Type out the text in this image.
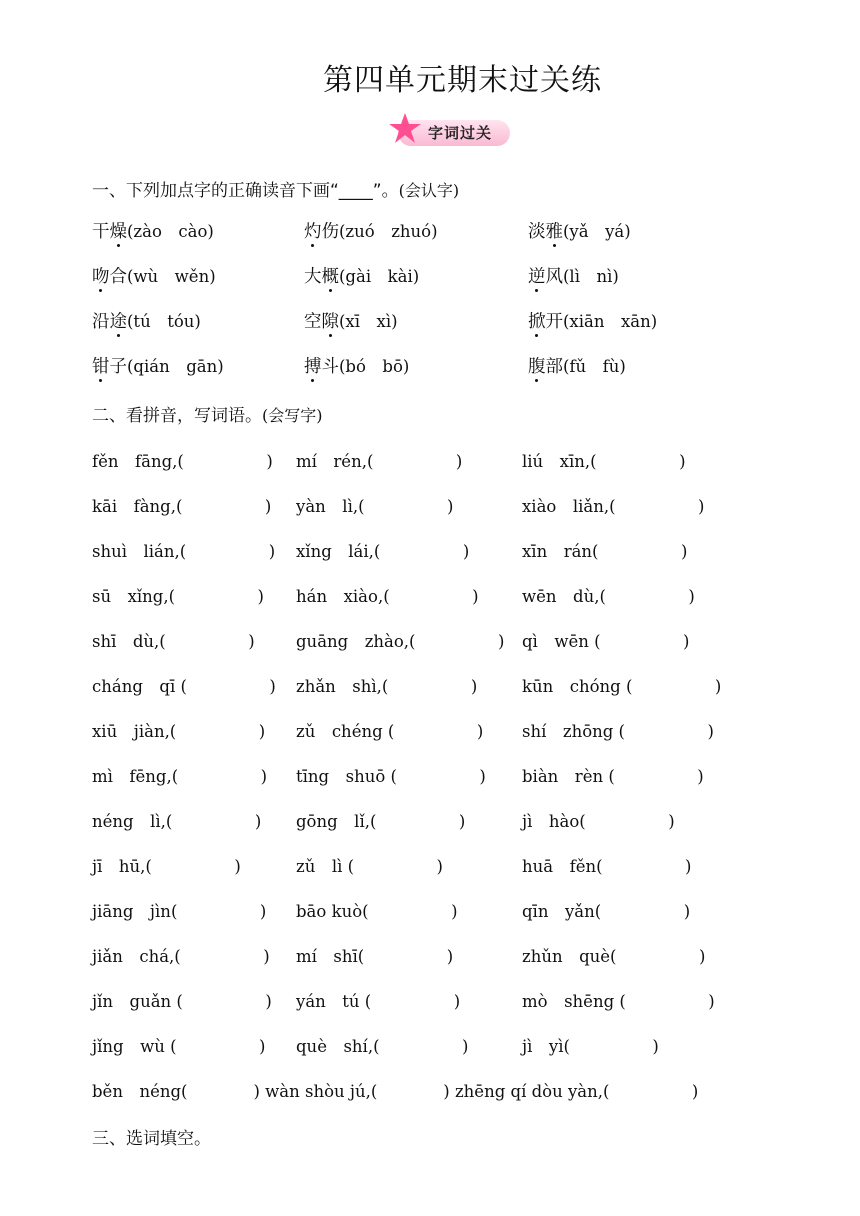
第四单元期末过关练
字词过关
一、下列加点字的正确读音下画“____”。(会认字)
干燥(zào　cào)	灼伤(zuó　zhuó)	淡雅(yǎ　yá)
吻合(wù　wěn)	大概(gài　kài)	逆风(lì　nì)
沿途(tú　tóu)	空隙(xī　xì)	掀开(xiān　xān)
钳子(qián　gān)	搏斗(bó　bō)	腹部(fǔ　fù)
二、看拼音，写词语。(会写字)
fěn　fāng,(　　　　　) mí　rén,(　　　　　)	liú　xīn,(　　　　　)
kāi　fàng,(　　　　　) yàn　lì,(　　　　　)	xiào　liǎn,(　　　　　)
shuì　lián,(　　　　　) xǐng　lái,(　　　　　)	xīn　rán(　　　　　)
sū　xǐng,(　　　　　) hán　xiào,(　　　　　)	wēn　dù,(　　　　　)
shī　dù,(　　　　　)	guāng　zhào,(　　　　　) qì　wēn (　　　　　)
cháng　qī (　　　　　) zhǎn　shì,(　　　　　)	kūn　chóng (　　　　　)
xiū　jiàn,(　　　　　) zǔ　chéng (　　　　　) shí　zhōng (　　　　　)
mì　fēng,(　　　　　) tīng　shuō (　　　　　) biàn　rèn (　　　　　)
néng　lì,(　　　　　) gōng　lǐ,(　　　　　)	jì　hào(　　　　　)
jī　hū,(　　　　　)	zǔ　lì (　　　　　)	huā　fěn(　　　　　)
jiāng　jìn(　　　　　) bāo kuò(　　　　　)	qīn　yǎn(　　　　　)
jiǎn　chá,(　　　　　) mí　shī(　　　　　)	zhǔn　què(　　　　　)
jǐn　guǎn (　　　　　) yán　tú (　　　　　)	mò　shēng (　　　　　)
jǐng　wù (　　　　　) què　shí,(　　　　　)	jì　yì(　　　　　)
běn　néng(　　　　) wàn shòu jú,(　　　　) zhēng qí dòu yàn,(　　　　　)
三、选词填空。
